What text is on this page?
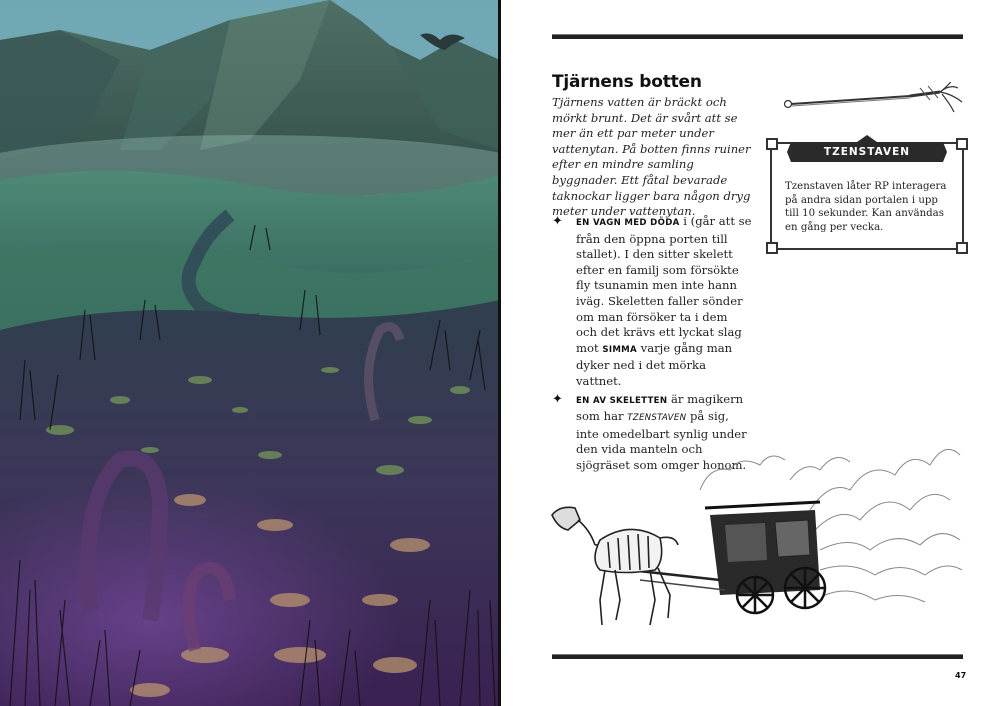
Tjärnens botten

Tjärnens vatten är bräckt och mörkt brunt. Det är svårt att se mer än ett par meter under vattenytan. På botten finns ruiner efter en mindre samling byggnader. Ett fåtal bevarade taknockar ligger bara någon dryg meter under vattenytan.

✦ EN VAGN MED DÖDA i (går att se från den öppna porten till stallet). I den sitter skelett efter en familj som försökte fly tsunamin men inte hann iväg. Skeletten faller sönder om man försöker ta i dem och det krävs ett lyckat slag mot SIMMA varje gång man dyker ned i det mörka vattnet.
✦ EN AV SKELETTEN är magikern som har TZENSTAVEN på sig, inte omedelbart synlig under den vida manteln och sjögräset som omger honom.
TZENSTAVEN

Tzenstaven låter RP interagera på andra sidan portalen i upp till 10 sekunder. Kan användas en gång per vecka.

47
